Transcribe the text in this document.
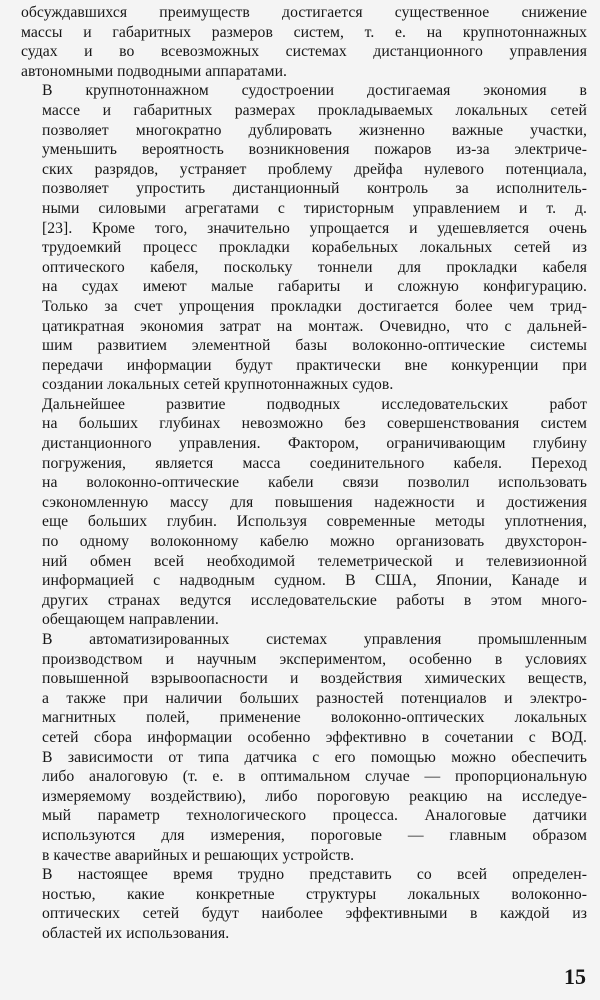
обсуждавшихся преимуществ достигается существенное снижение
массы и габаритных размеров систем, т. е. на крупнотоннажных
судах и во всевозможных системах дистанционного управления
автономными подводными аппаратами.

В крупнотоннажном судостроении достигаемая экономия в
массе и габаритных размерах прокладываемых локальных сетей
позволяет многократно дублировать жизненно важные участки,
уменьшить вероятность возникновения пожаров из-за электриче-
ских разрядов, устраняет проблему дрейфа нулевого потенциала,
позволяет упростить дистанционный контроль за исполнитель-
ными силовыми агрегатами с тиристорным управлением и т. д.
[23]. Кроме того, значительно упрощается и удешевляется очень
трудоемкий процесс прокладки корабельных локальных сетей из
оптического кабеля, поскольку тоннели для прокладки кабеля
на судах имеют малые габариты и сложную конфигурацию.
Только за счет упрощения прокладки достигается более чем трид-
цатикратная экономия затрат на монтаж. Очевидно, что с дальней-
шим развитием элементной базы волоконно-оптические системы
передачи информации будут практически вне конкуренции при
создании локальных сетей крупнотоннажных судов.

Дальнейшее развитие подводных исследовательских работ
на больших глубинах невозможно без совершенствования систем
дистанционного управления. Фактором, ограничивающим глубину
погружения, является масса соединительного кабеля. Переход
на волоконно-оптические кабели связи позволил использовать
сэкономленную массу для повышения надежности и достижения
еще больших глубин. Используя современные методы уплотнения,
по одному волоконному кабелю можно организовать двухсторон-
ний обмен всей необходимой телеметрической и телевизионной
информацией с надводным судном. В США, Японии, Канаде и
других странах ведутся исследовательские работы в этом много-
обещающем направлении.

В автоматизированных системах управления промышленным
производством и научным экспериментом, особенно в условиях
повышенной взрывоопасности и воздействия химических веществ,
а также при наличии больших разностей потенциалов и электро-
магнитных полей, применение волоконно-оптических локальных
сетей сбора информации особенно эффективно в сочетании с ВОД.
В зависимости от типа датчика с его помощью можно обеспечить
либо аналоговую (т. е. в оптимальном случае — пропорциональную
измеряемому воздействию), либо пороговую реакцию на исследуе-
мый параметр технологического процесса. Аналоговые датчики
используются для измерения, пороговые — главным образом
в качестве аварийных и решающих устройств.

В настоящее время трудно представить со всей определен-
ностью, какие конкретные структуры локальных волоконно-
оптических сетей будут наиболее эффективными в каждой из
областей их использования.

15
